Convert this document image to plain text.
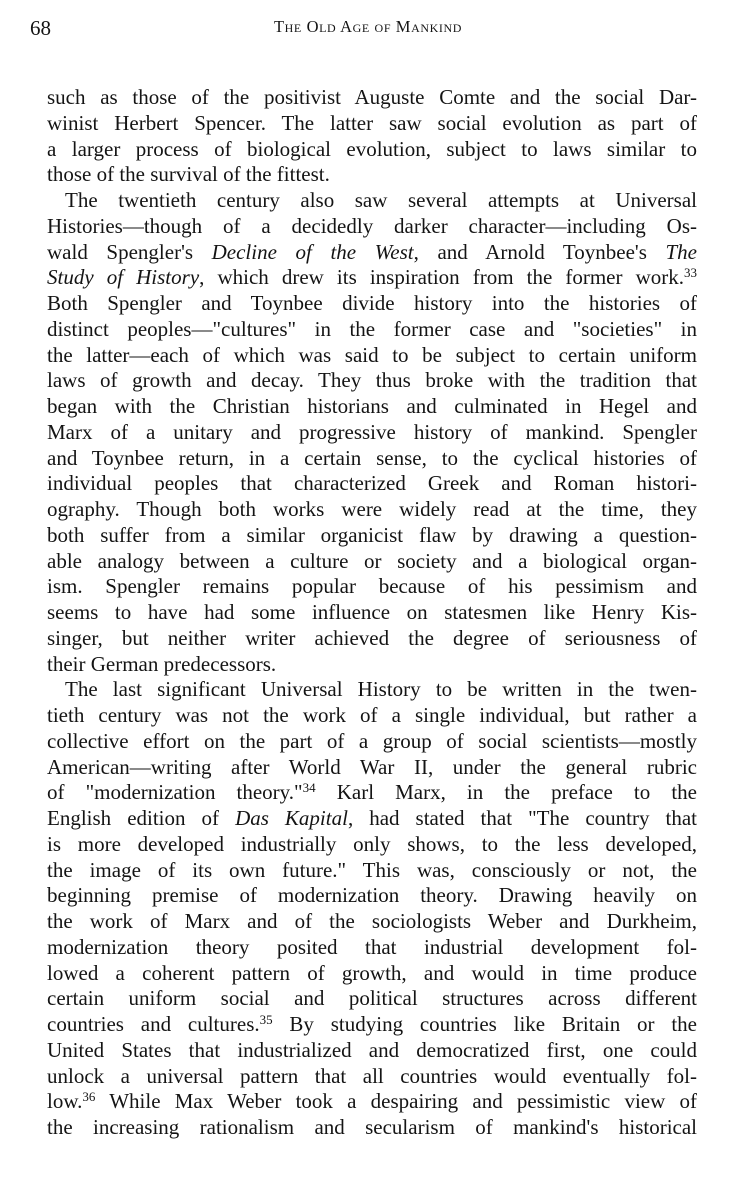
68	The Old Age of Mankind
such as those of the positivist Auguste Comte and the social Dar-
winist Herbert Spencer. The latter saw social evolution as part of
a larger process of biological evolution, subject to laws similar to
those of the survival of the fittest.
The twentieth century also saw several attempts at Universal
Histories—though of a decidedly darker character—including Os-
wald Spengler's Decline of the West, and Arnold Toynbee's The
Study of History, which drew its inspiration from the former work.$^{33}$
Both Spengler and Toynbee divide history into the histories of
distinct peoples—"cultures" in the former case and "societies" in
the latter—each of which was said to be subject to certain uniform
laws of growth and decay. They thus broke with the tradition that
began with the Christian historians and culminated in Hegel and
Marx of a unitary and progressive history of mankind. Spengler
and Toynbee return, in a certain sense, to the cyclical histories of
individual peoples that characterized Greek and Roman histori-
ography. Though both works were widely read at the time, they
both suffer from a similar organicist flaw by drawing a question-
able analogy between a culture or society and a biological organ-
ism. Spengler remains popular because of his pessimism and
seems to have had some influence on statesmen like Henry Kis-
singer, but neither writer achieved the degree of seriousness of
their German predecessors.
The last significant Universal History to be written in the twen-
tieth century was not the work of a single individual, but rather a
collective effort on the part of a group of social scientists—mostly
American—writing after World War II, under the general rubric
of "modernization theory."$^{34}$ Karl Marx, in the preface to the
English edition of Das Kapital, had stated that "The country that
is more developed industrially only shows, to the less developed,
the image of its own future." This was, consciously or not, the
beginning premise of modernization theory. Drawing heavily on
the work of Marx and of the sociologists Weber and Durkheim,
modernization theory posited that industrial development fol-
lowed a coherent pattern of growth, and would in time produce
certain uniform social and political structures across different
countries and cultures.$^{35}$ By studying countries like Britain or the
United States that industrialized and democratized first, one could
unlock a universal pattern that all countries would eventually fol-
low.$^{36}$ While Max Weber took a despairing and pessimistic view of
the increasing rationalism and secularism of mankind's historical
